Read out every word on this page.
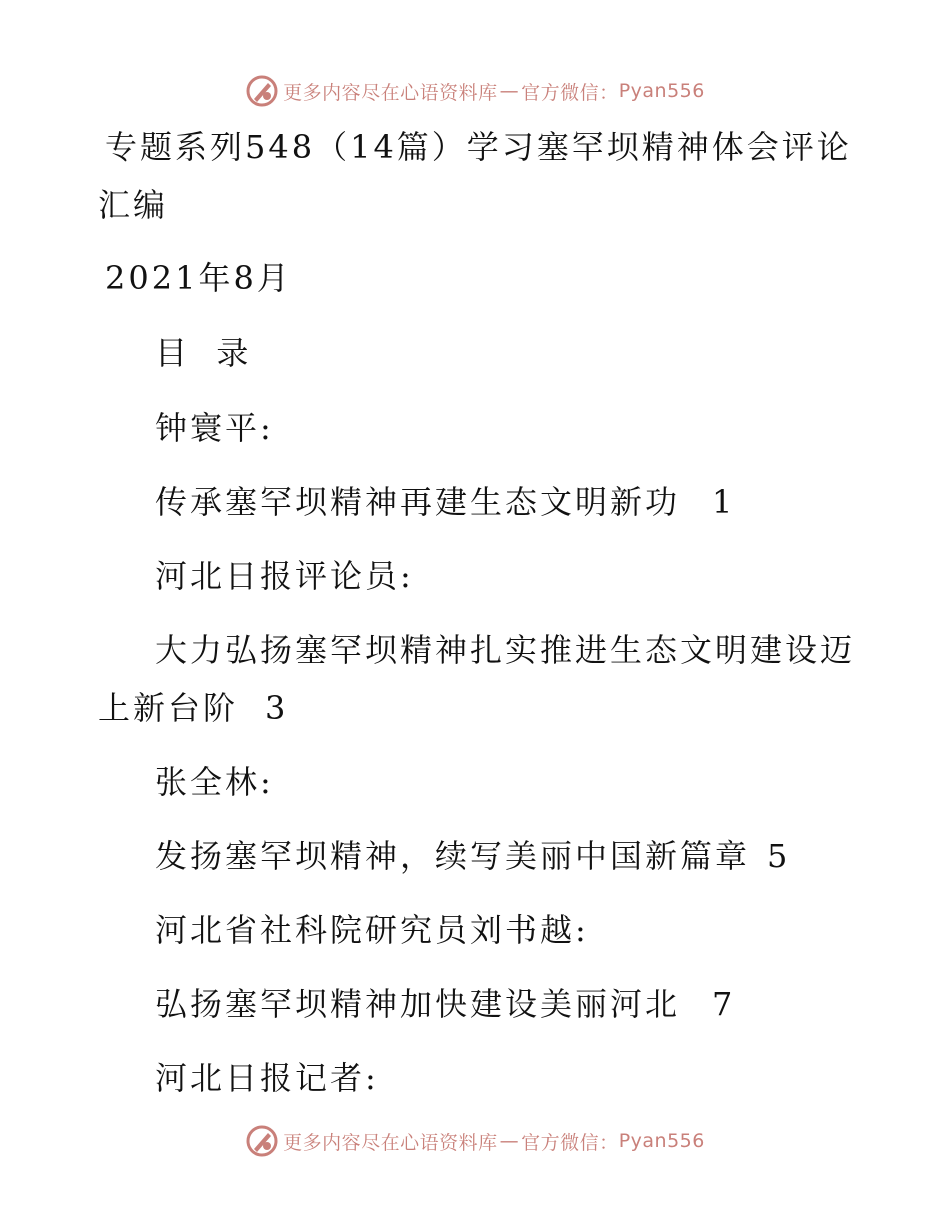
更多内容尽在心语资料库 — 官方微信： Pyan556
专题系列548（14篇）学习塞罕坝精神体会评论
汇编
2021年8月
目  录
钟寰平:
传承塞罕坝精神再建生态文明新功 1
河北日报评论员:
大力弘扬塞罕坝精神扎实推进生态文明建设迈
上新台阶 3
张全林:
发扬塞罕坝精神，续写美丽中国新篇章 5
河北省社科院研究员刘书越:
弘扬塞罕坝精神加快建设美丽河北 7
河北日报记者:
更多内容尽在心语资料库 — 官方微信： Pyan556
